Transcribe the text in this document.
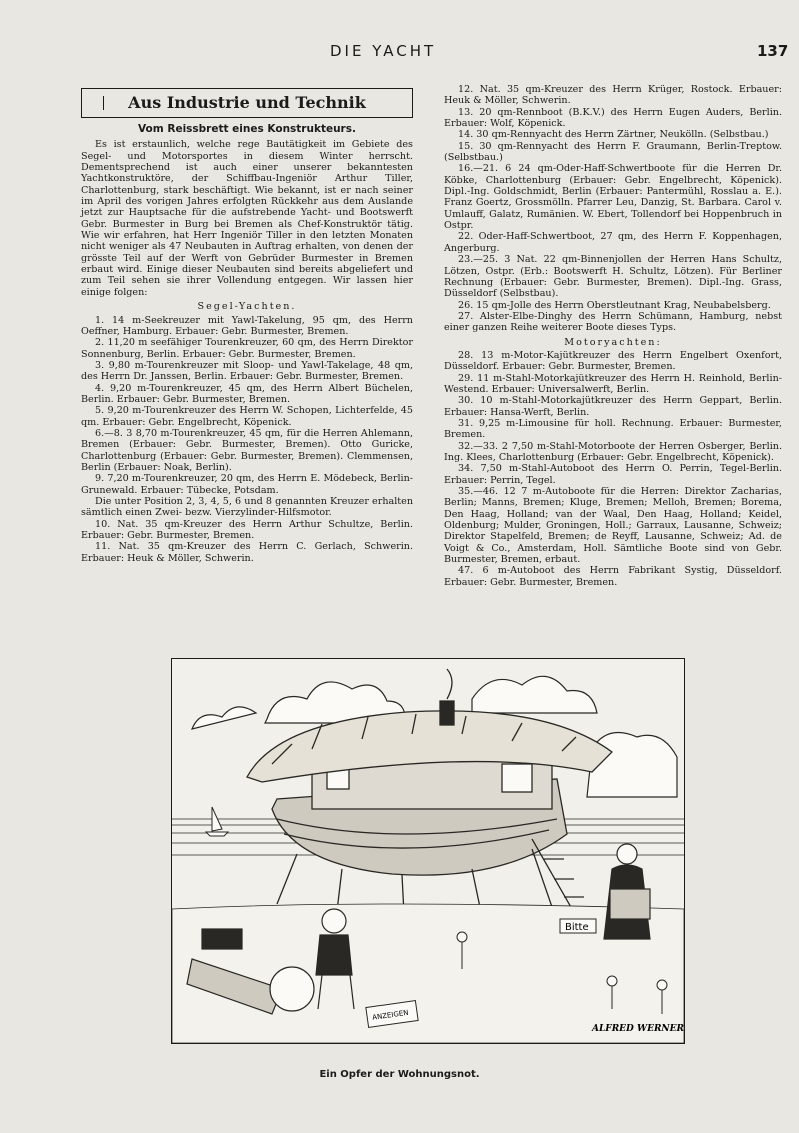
DIE YACHT	137
Aus Industrie und Technik
Vom Reissbrett eines Konstrukteurs.

Es ist erstaunlich, welche rege Bautätigkeit im Gebiete des Segel- und Motorsportes in diesem Winter herrscht. Dementsprechend ist auch einer unserer bekanntesten Yachtkonstruktöre, der Schiffbau-Ingeniör Arthur Tiller, Charlottenburg, stark beschäftigt. Wie bekannt, ist er nach seiner im April des vorigen Jahres erfolgten Rückkehr aus dem Auslande jetzt zur Hauptsache für die aufstrebende Yacht- und Bootswerft Gebr. Burmester in Burg bei Bremen als Chef-Konstruktör tätig. Wie wir erfahren, hat Herr Ingeniör Tiller in den letzten Monaten nicht weniger als 47 Neubauten in Auftrag erhalten, von denen der grösste Teil auf der Werft von Gebrüder Burmester in Bremen erbaut wird. Einige dieser Neubauten sind bereits abgeliefert und zum Teil sehen sie ihrer Vollendung entgegen. Wir lassen hier einige folgen:

Segel-Yachten.

1. 14 m-Seekreuzer mit Yawl-Takelung, 95 qm, des Herrn Oeffner, Hamburg. Erbauer: Gebr. Burmester, Bremen.

2. 11,20 m seefähiger Tourenkreuzer, 60 qm, des Herrn Direktor Sonnenburg, Berlin. Erbauer: Gebr. Burmester, Bremen.

3. 9,80 m-Tourenkreuzer mit Sloop- und Yawl-Takelage, 48 qm, des Herrn Dr. Janssen, Berlin. Erbauer: Gebr. Burmester, Bremen.

4. 9,20 m-Tourenkreuzer, 45 qm, des Herrn Albert Büchelen, Berlin. Erbauer: Gebr. Burmester, Bremen.

5. 9,20 m-Tourenkreuzer des Herrn W. Schopen, Lichterfelde, 45 qm. Erbauer: Gebr. Engelbrecht, Köpenick.

6.—8. 3 8,70 m-Tourenkreuzer, 45 qm, für die Herren Ahlemann, Bremen (Erbauer: Gebr. Burmester, Bremen). Otto Guricke, Charlottenburg (Erbauer: Gebr. Burmester, Bremen). Clemmensen, Berlin (Erbauer: Noak, Berlin).

9. 7,20 m-Tourenkreuzer, 20 qm, des Herrn E. Mödebeck, Berlin-Grunewald. Erbauer: Tübecke, Potsdam.

Die unter Position 2, 3, 4, 5, 6 und 8 genannten Kreuzer erhalten sämtlich einen Zwei- bezw. Vierzylinder-Hilfsmotor.

10. Nat. 35 qm-Kreuzer des Herrn Arthur Schultze, Berlin. Erbauer: Gebr. Burmester, Bremen.

11. Nat. 35 qm-Kreuzer des Herrn C. Gerlach, Schwerin. Erbauer: Heuk & Möller, Schwerin.

12. Nat. 35 qm-Kreuzer des Herrn Krüger, Rostock. Erbauer: Heuk & Möller, Schwerin.

13. 20 qm-Rennboot (B.K.V.) des Herrn Eugen Auders, Berlin. Erbauer: Wolf, Köpenick.

14. 30 qm-Rennyacht des Herrn Zärtner, Neukölln. (Selbstbau.)

15. 30 qm-Rennyacht des Herrn F. Graumann, Berlin-Treptow. (Selbstbau.)

16.—21. 6 24 qm-Oder-Haff-Schwertboote für die Herren Dr. Köbke, Charlottenburg (Erbauer: Gebr. Engelbrecht, Köpenick). Dipl.-Ing. Goldschmidt, Berlin (Erbauer: Pantermühl, Rosslau a. E.). Franz Goertz, Grossmölln. Pfarrer Leu, Danzig, St. Barbara. Carol v. Umlauff, Galatz, Rumänien. W. Ebert, Tollendorf bei Hoppenbruch in Ostpr.

22. Oder-Haff-Schwertboot, 27 qm, des Herrn F. Koppenhagen, Angerburg.

23.—25. 3 Nat. 22 qm-Binnenjollen der Herren Hans Schultz, Lötzen, Ostpr. (Erb.: Bootswerft H. Schultz, Lötzen). Für Berliner Rechnung (Erbauer: Gebr. Burmester, Bremen). Dipl.-Ing. Grass, Düsseldorf (Selbstbau).

26. 15 qm-Jolle des Herrn Oberstleutnant Krag, Neubabelsberg.

27. Alster-Elbe-Dinghy des Herrn Schümann, Hamburg, nebst einer ganzen Reihe weiterer Boote dieses Typs.

Motoryachten:

28. 13 m-Motor-Kajütkreuzer des Herrn Engelbert Oxenfort, Düsseldorf. Erbauer: Gebr. Burmester, Bremen.

29. 11 m-Stahl-Motorkajütkreuzer des Herrn H. Reinhold, Berlin-Westend. Erbauer: Universalwerft, Berlin.

30. 10 m-Stahl-Motorkajütkreuzer des Herrn Geppart, Berlin. Erbauer: Hansa-Werft, Berlin.

31. 9,25 m-Limousine für holl. Rechnung. Erbauer: Burmester, Bremen.

32.—33. 2 7,50 m-Stahl-Motorboote der Herren Osberger, Berlin. Ing. Klees, Charlottenburg (Erbauer: Gebr. Engelbrecht, Köpenick).

34. 7,50 m-Stahl-Autoboot des Herrn O. Perrin, Tegel-Berlin. Erbauer: Perrin, Tegel.

35.—46. 12 7 m-Autoboote für die Herren: Direktor Zacharias, Berlin; Manns, Bremen; Kluge, Bremen; Melloh, Bremen; Borema, Den Haag, Holland; van der Waal, Den Haag, Holland; Keidel, Oldenburg; Mulder, Groningen, Holl.; Garraux, Lausanne, Schweiz; Direktor Stapelfeld, Bremen; de Reyff, Lausanne, Schweiz; Ad. de Voigt & Co., Amsterdam, Holl. Sämtliche Boote sind von Gebr. Burmester, Bremen, erbaut.

47. 6 m-Autoboot des Herrn Fabrikant Systig, Düsseldorf. Erbauer: Gebr. Burmester, Bremen.

Bitte
ANZEIGEN
ALFRED WERNER
Ein Opfer der Wohnungsnot.
